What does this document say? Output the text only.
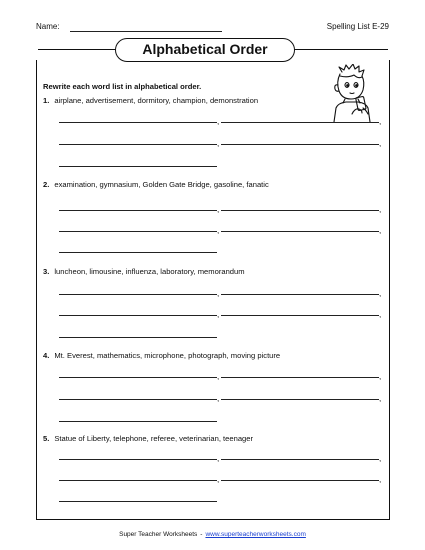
Name:	Spelling List E-29
Alphabetical Order
Rewrite each word list in alphabetical order.
1. airplane, advertisement, dormitory, champion, demonstration
,	,
,	,
2. examination, gymnasium, Golden Gate Bridge, gasoline, fanatic
,	,
,	,
3. luncheon, limousine, influenza, laboratory, memorandum
,	,
,	,
4. Mt. Everest, mathematics, microphone, photograph, moving picture
,	,
,	,
5. Statue of Liberty, telephone, referee, veterinarian, teenager
,	,
,	,
Super Teacher Worksheets - www.superteacherworksheets.com
